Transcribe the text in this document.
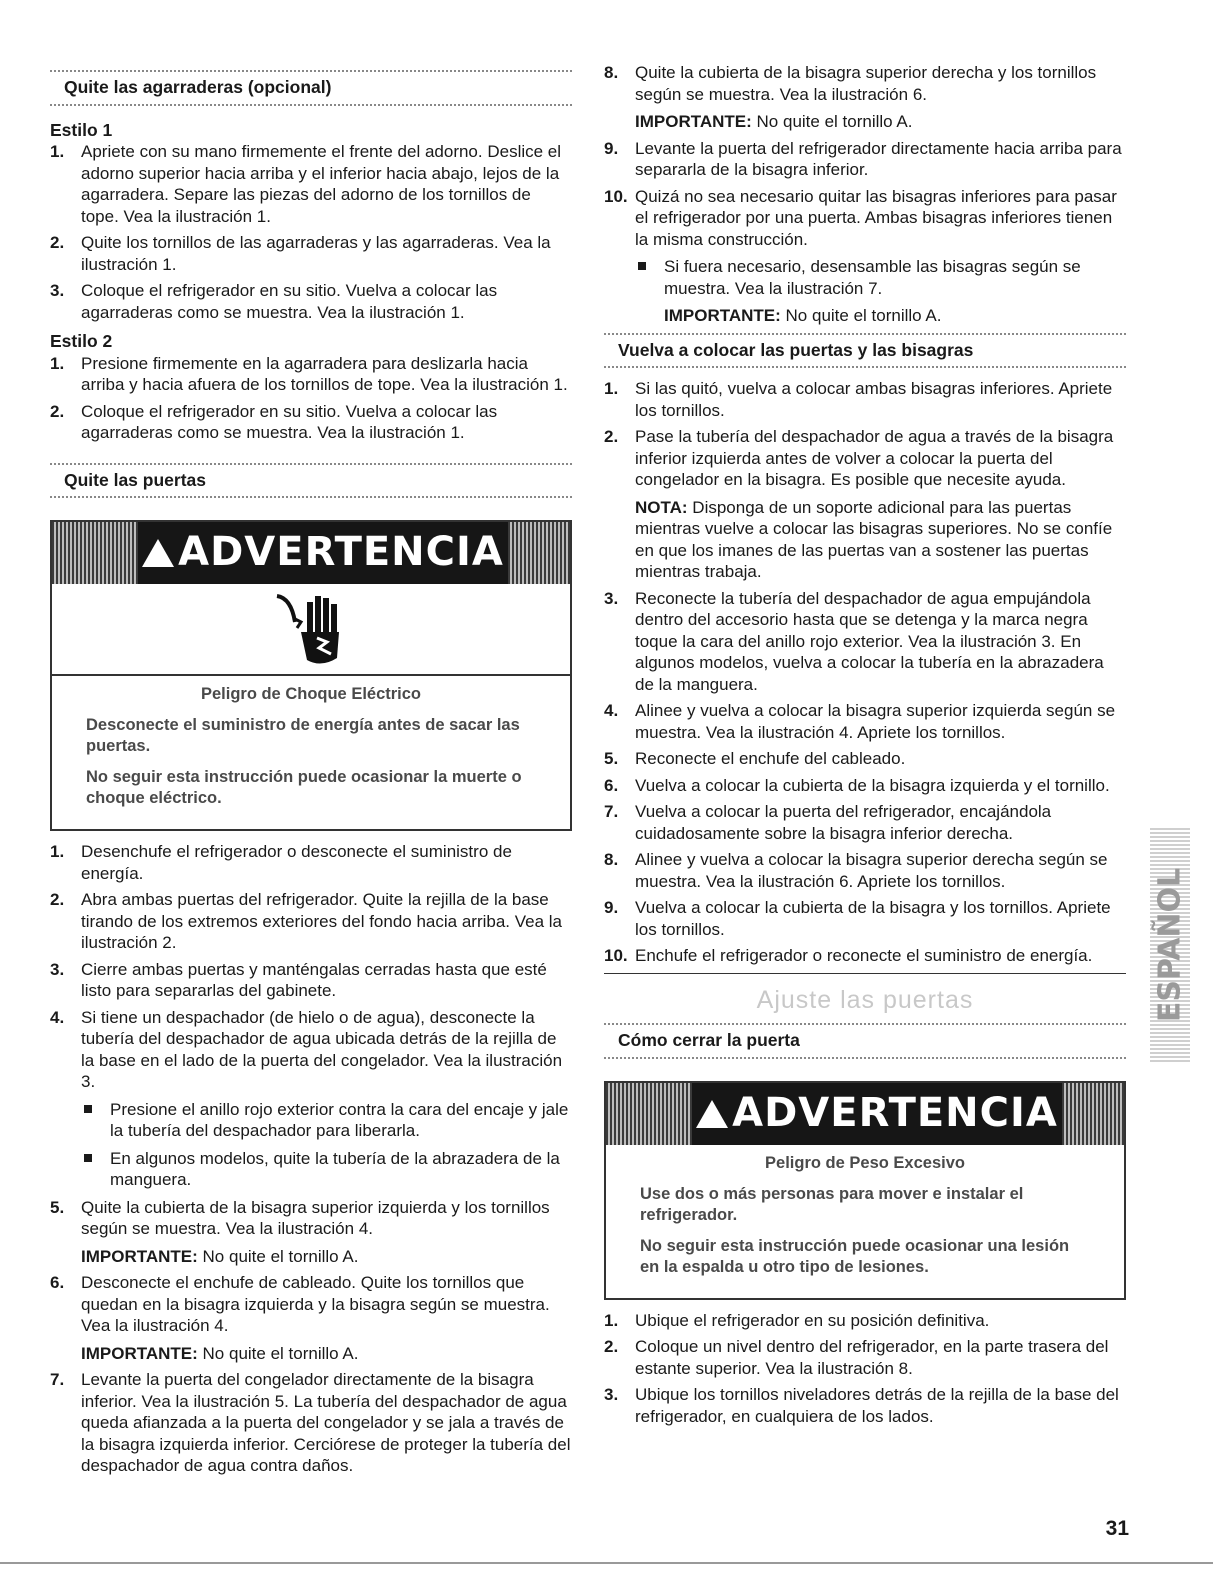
Quite las agarraderas (opcional)
Estilo 1
1. Apriete con su mano firmemente el frente del adorno. Deslice el adorno superior hacia arriba y el inferior hacia abajo, lejos de la agarradera. Separe las piezas del adorno de los tornillos de tope. Vea la ilustración 1.
2. Quite los tornillos de las agarraderas y las agarraderas. Vea la ilustración 1.
3. Coloque el refrigerador en su sitio. Vuelva a colocar las agarraderas como se muestra. Vea la ilustración 1.
Estilo 2
1. Presione firmemente en la agarradera para deslizarla hacia arriba y hacia afuera de los tornillos de tope. Vea la ilustración 1.
2. Coloque el refrigerador en su sitio. Vuelva a colocar las agarraderas como se muestra. Vea la ilustración 1.
Quite las puertas
ADVERTENCIA
Peligro de Choque Eléctrico

Desconecte el suministro de energía antes de sacar las puertas.

No seguir esta instrucción puede ocasionar la muerte o choque eléctrico.

1. Desenchufe el refrigerador o desconecte el suministro de energía.
2. Abra ambas puertas del refrigerador. Quite la rejilla de la base tirando de los extremos exteriores del fondo hacia arriba. Vea la ilustración 2.
3. Cierre ambas puertas y manténgalas cerradas hasta que esté listo para separarlas del gabinete.
4. Si tiene un despachador (de hielo o de agua), desconecte la tubería del despachador de agua ubicada detrás de la rejilla de la base en el lado de la puerta del congelador. Vea la ilustración 3.
Presione el anillo rojo exterior contra la cara del encaje y jale la tubería del despachador para liberarla.
En algunos modelos, quite la tubería de la abrazadera de la manguera.
5. Quite la cubierta de la bisagra superior izquierda y los tornillos según se muestra. Vea la ilustración 4.
IMPORTANTE: No quite el tornillo A.
6. Desconecte el enchufe de cableado. Quite los tornillos que quedan en la bisagra izquierda y la bisagra según se muestra. Vea la ilustración 4.
IMPORTANTE: No quite el tornillo A.
7. Levante la puerta del congelador directamente de la bisagra inferior. Vea la ilustración 5. La tubería del despachador de agua queda afianzada a la puerta del congelador y se jala a través de la bisagra izquierda inferior. Cerciórese de proteger la tubería del despachador de agua contra daños.
8. Quite la cubierta de la bisagra superior derecha y los tornillos según se muestra. Vea la ilustración 6.
IMPORTANTE: No quite el tornillo A.
9. Levante la puerta del refrigerador directamente hacia arriba para separarla de la bisagra inferior.
10. Quizá no sea necesario quitar las bisagras inferiores para pasar el refrigerador por una puerta. Ambas bisagras inferiores tienen la misma construcción.
Si fuera necesario, desensamble las bisagras según se muestra. Vea la ilustración 7.
IMPORTANTE: No quite el tornillo A.
Vuelva a colocar las puertas y las bisagras
1. Si las quitó, vuelva a colocar ambas bisagras inferiores. Apriete los tornillos.
2. Pase la tubería del despachador de agua a través de la bisagra inferior izquierda antes de volver a colocar la puerta del congelador en la bisagra. Es posible que necesite ayuda.
NOTA: Disponga de un soporte adicional para las puertas mientras vuelve a colocar las bisagras superiores. No se confíe en que los imanes de las puertas van a sostener las puertas mientras trabaja.
3. Reconecte la tubería del despachador de agua empujándola dentro del accesorio hasta que se detenga y la marca negra toque la cara del anillo rojo exterior. Vea la ilustración 3. En algunos modelos, vuelva a colocar la tubería en la abrazadera de la manguera.
4. Alinee y vuelva a colocar la bisagra superior izquierda según se muestra. Vea la ilustración 4. Apriete los tornillos.
5. Reconecte el enchufe del cableado.
6. Vuelva a colocar la cubierta de la bisagra izquierda y el tornillo.
7. Vuelva a colocar la puerta del refrigerador, encajándola cuidadosamente sobre la bisagra inferior derecha.
8. Alinee y vuelva a colocar la bisagra superior derecha según se muestra. Vea la ilustración 6. Apriete los tornillos.
9. Vuelva a colocar la cubierta de la bisagra y los tornillos. Apriete los tornillos.
10. Enchufe el refrigerador o reconecte el suministro de energía.
Ajuste las puertas
Cómo cerrar la puerta
ADVERTENCIA
Peligro de Peso Excesivo

Use dos o más personas para mover e instalar el refrigerador.

No seguir esta instrucción puede ocasionar una lesión en la espalda u otro tipo de lesiones.

1. Ubique el refrigerador en su posición definitiva.
2. Coloque un nivel dentro del refrigerador, en la parte trasera del estante superior. Vea la ilustración 8.
3. Ubique los tornillos niveladores detrás de la rejilla de la base del refrigerador, en cualquiera de los lados.
ESPAÑOL
31
